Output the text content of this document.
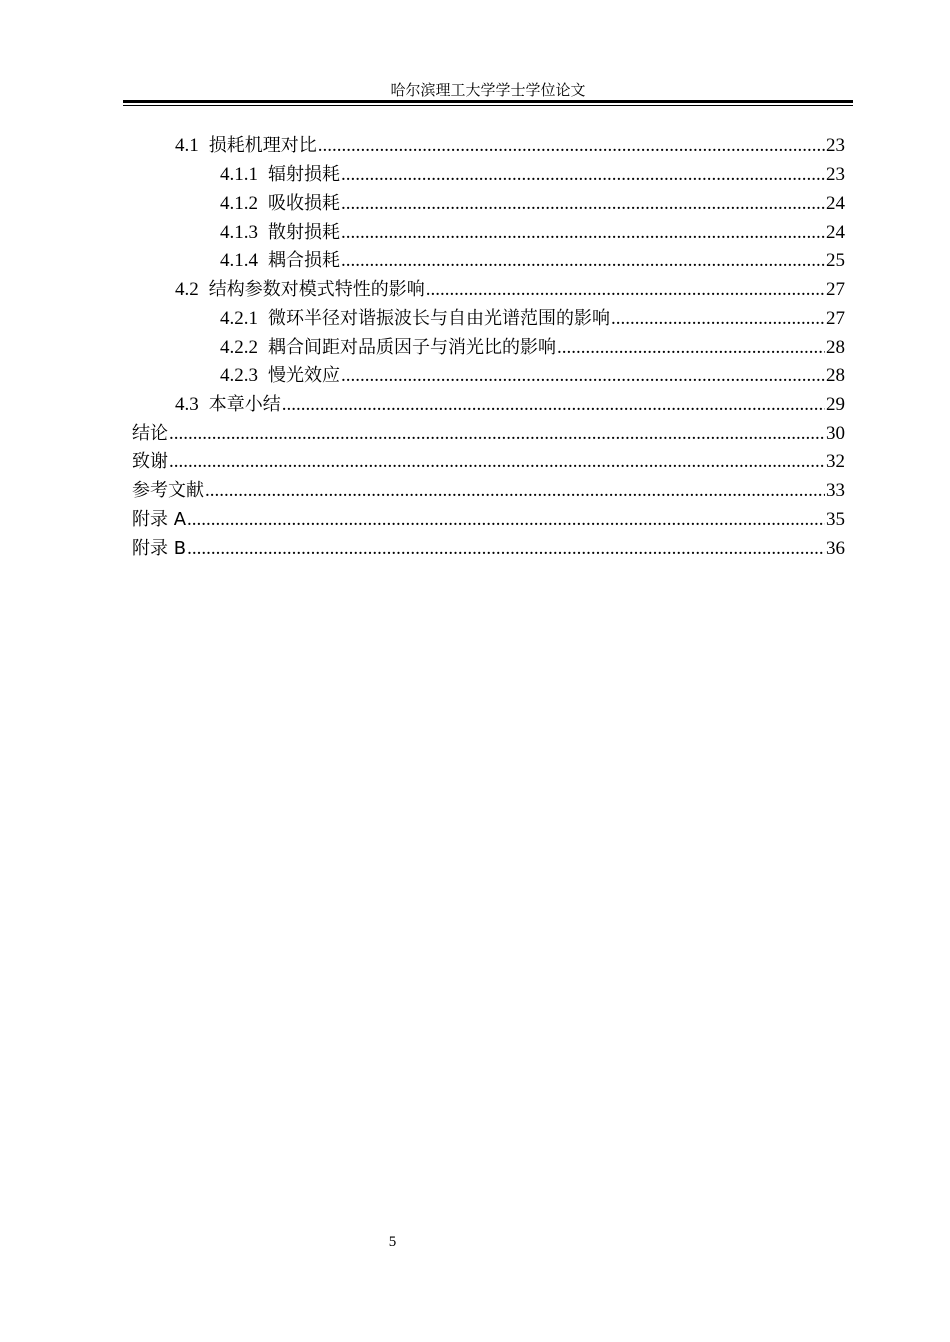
哈尔滨理工大学学士学位论文
4.1 损耗机理对比 .....	23
4.1.1 辐射损耗 .....	23
4.1.2 吸收损耗 .....	24
4.1.3 散射损耗 .....	24
4.1.4 耦合损耗 .....	25
4.2 结构参数对模式特性的影响 .....	27
4.2.1 微环半径对谐振波长与自由光谱范围的影响 .....	27
4.2.2 耦合间距对品质因子与消光比的影响 .....	28
4.2.3 慢光效应 .....	28
4.3 本章小结 .....	29
结论 .....	30
致谢 .....	32
参考文献 .....	33
附录 A .....	35
附录 B .....	36
5
